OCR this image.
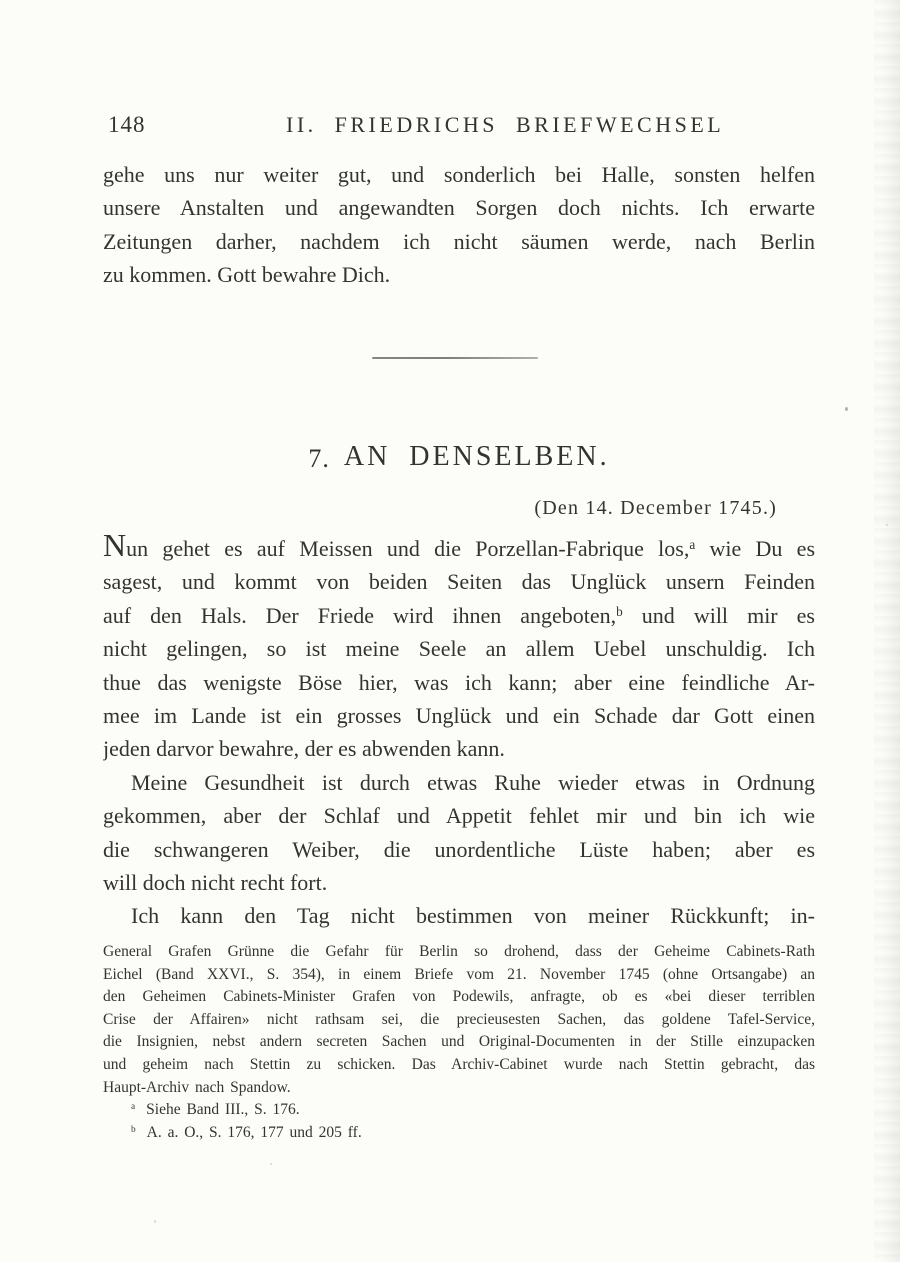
148	II. FRIEDRICHS BRIEFWECHSEL
gehe uns nur weiter gut, und sonderlich bei Halle, sonsten helfen
unsere Anstalten und angewandten Sorgen doch nichts. Ich erwarte
Zeitungen darher, nachdem ich nicht säumen werde, nach Berlin
zu kommen. Gott bewahre Dich.
7. AN DENSELBEN.
(Den 14. December 1745.)
Nun gehet es auf Meissen und die Porzellan-Fabrique los,$^a$ wie Du es
sagest, und kommt von beiden Seiten das Unglück unsern Feinden
auf den Hals. Der Friede wird ihnen angeboten,$^b$ und will mir es
nicht gelingen, so ist meine Seele an allem Uebel unschuldig. Ich
thue das wenigste Böse hier, was ich kann; aber eine feindliche Ar-
mee im Lande ist ein grosses Unglück und ein Schade dar Gott einen
jeden darvor bewahre, der es abwenden kann.
Meine Gesundheit ist durch etwas Ruhe wieder etwas in Ordnung
gekommen, aber der Schlaf und Appetit fehlet mir und bin ich wie
die schwangeren Weiber, die unordentliche Lüste haben; aber es
will doch nicht recht fort.
Ich kann den Tag nicht bestimmen von meiner Rückkunft; in-
General Grafen Grünne die Gefahr für Berlin so drohend, dass der Geheime Cabinets-Rath
Eichel (Band XXVI., S. 354), in einem Briefe vom 21. November 1745 (ohne Ortsangabe) an
den Geheimen Cabinets-Minister Grafen von Podewils, anfragte, ob es «bei dieser terriblen
Crise der Affairen» nicht rathsam sei, die precieusesten Sachen, das goldene Tafel-Service,
die Insignien, nebst andern secreten Sachen und Original-Documenten in der Stille einzupacken
und geheim nach Stettin zu schicken. Das Archiv-Cabinet wurde nach Stettin gebracht, das
Haupt-Archiv nach Spandow.
$^a$ Siehe Band III., S. 176.
$^b$ A. a. O., S. 176, 177 und 205 ff.
